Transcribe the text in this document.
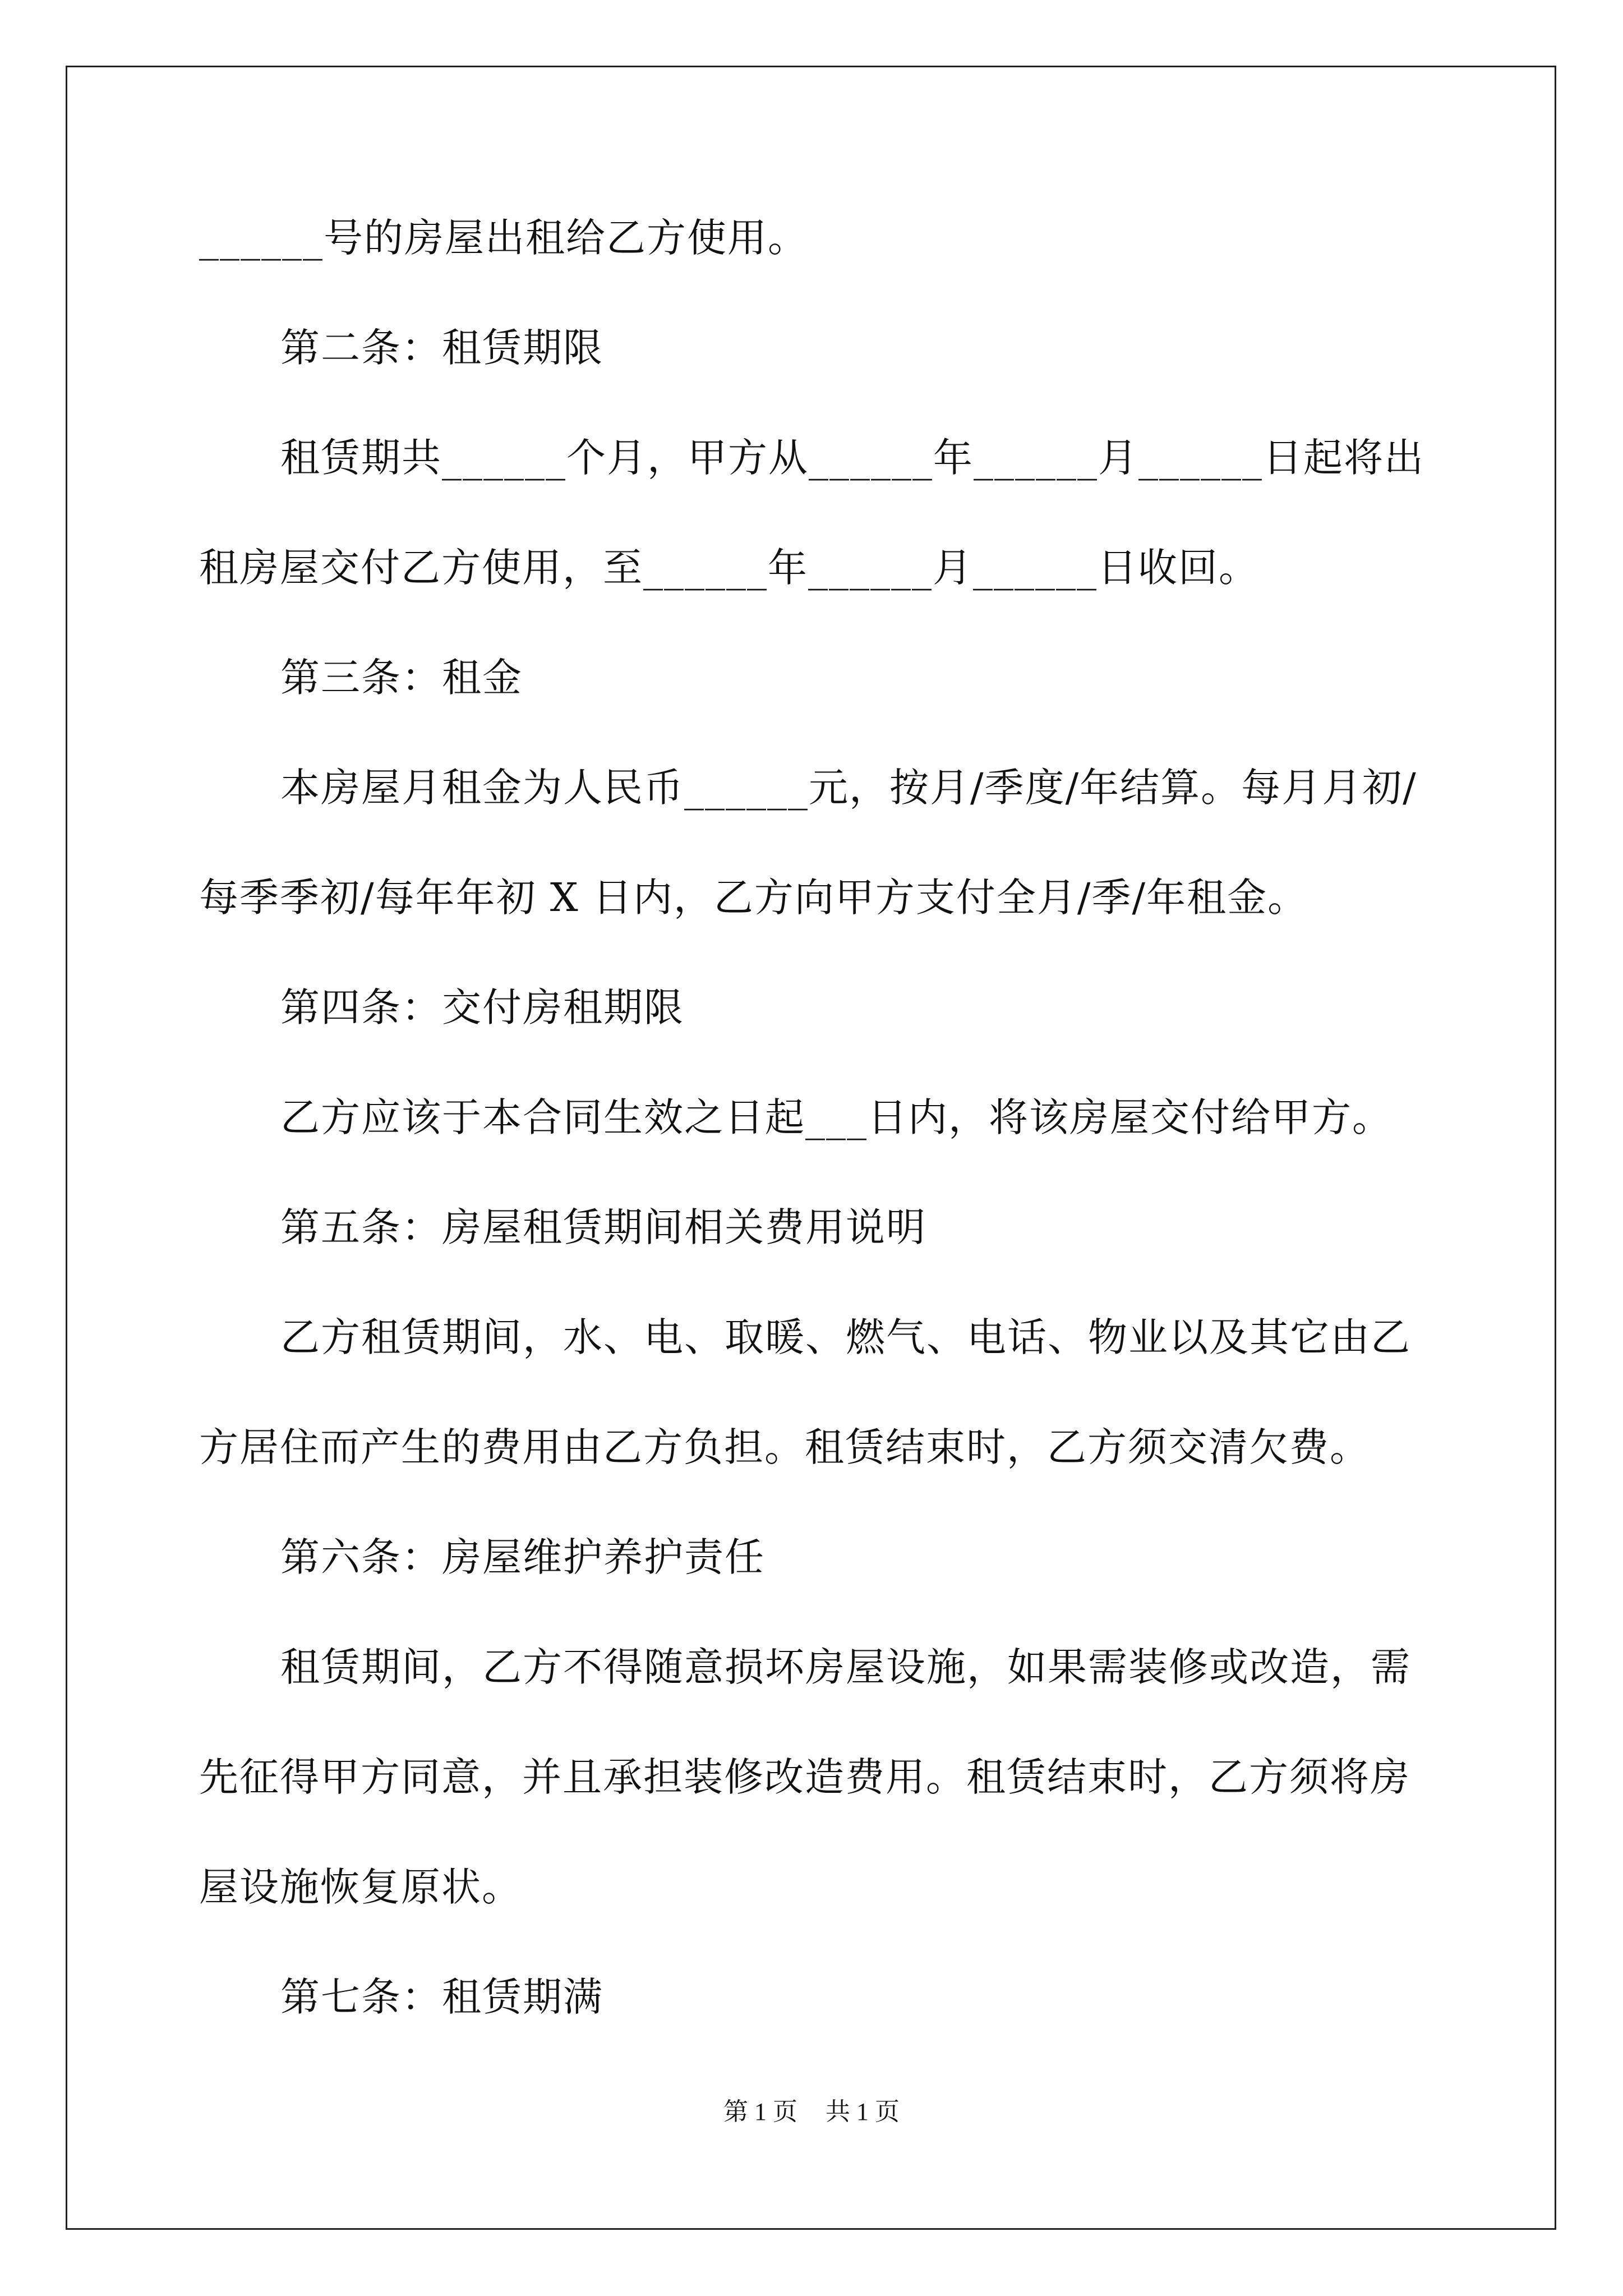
______号的房屋出租给乙方使用。
第二条：租赁期限
租赁期共______个月，甲方从______年______月______日起将出
租房屋交付乙方使用，至______年______月______日收回。
第三条：租金
本房屋月租金为人民币______元，按月/季度/年结算。每月月初/
每季季初/每年年初 X 日内，乙方向甲方支付全月/季/年租金。
第四条：交付房租期限
乙方应该于本合同生效之日起___日内，将该房屋交付给甲方。
第五条：房屋租赁期间相关费用说明
乙方租赁期间，水、电、取暖、燃气、电话、物业以及其它由乙
方居住而产生的费用由乙方负担。租赁结束时，乙方须交清欠费。
第六条：房屋维护养护责任
租赁期间，乙方不得随意损坏房屋设施，如果需装修或改造，需
先征得甲方同意，并且承担装修改造费用。租赁结束时，乙方须将房
屋设施恢复原状。
第七条：租赁期满
第 1 页 共 1 页
